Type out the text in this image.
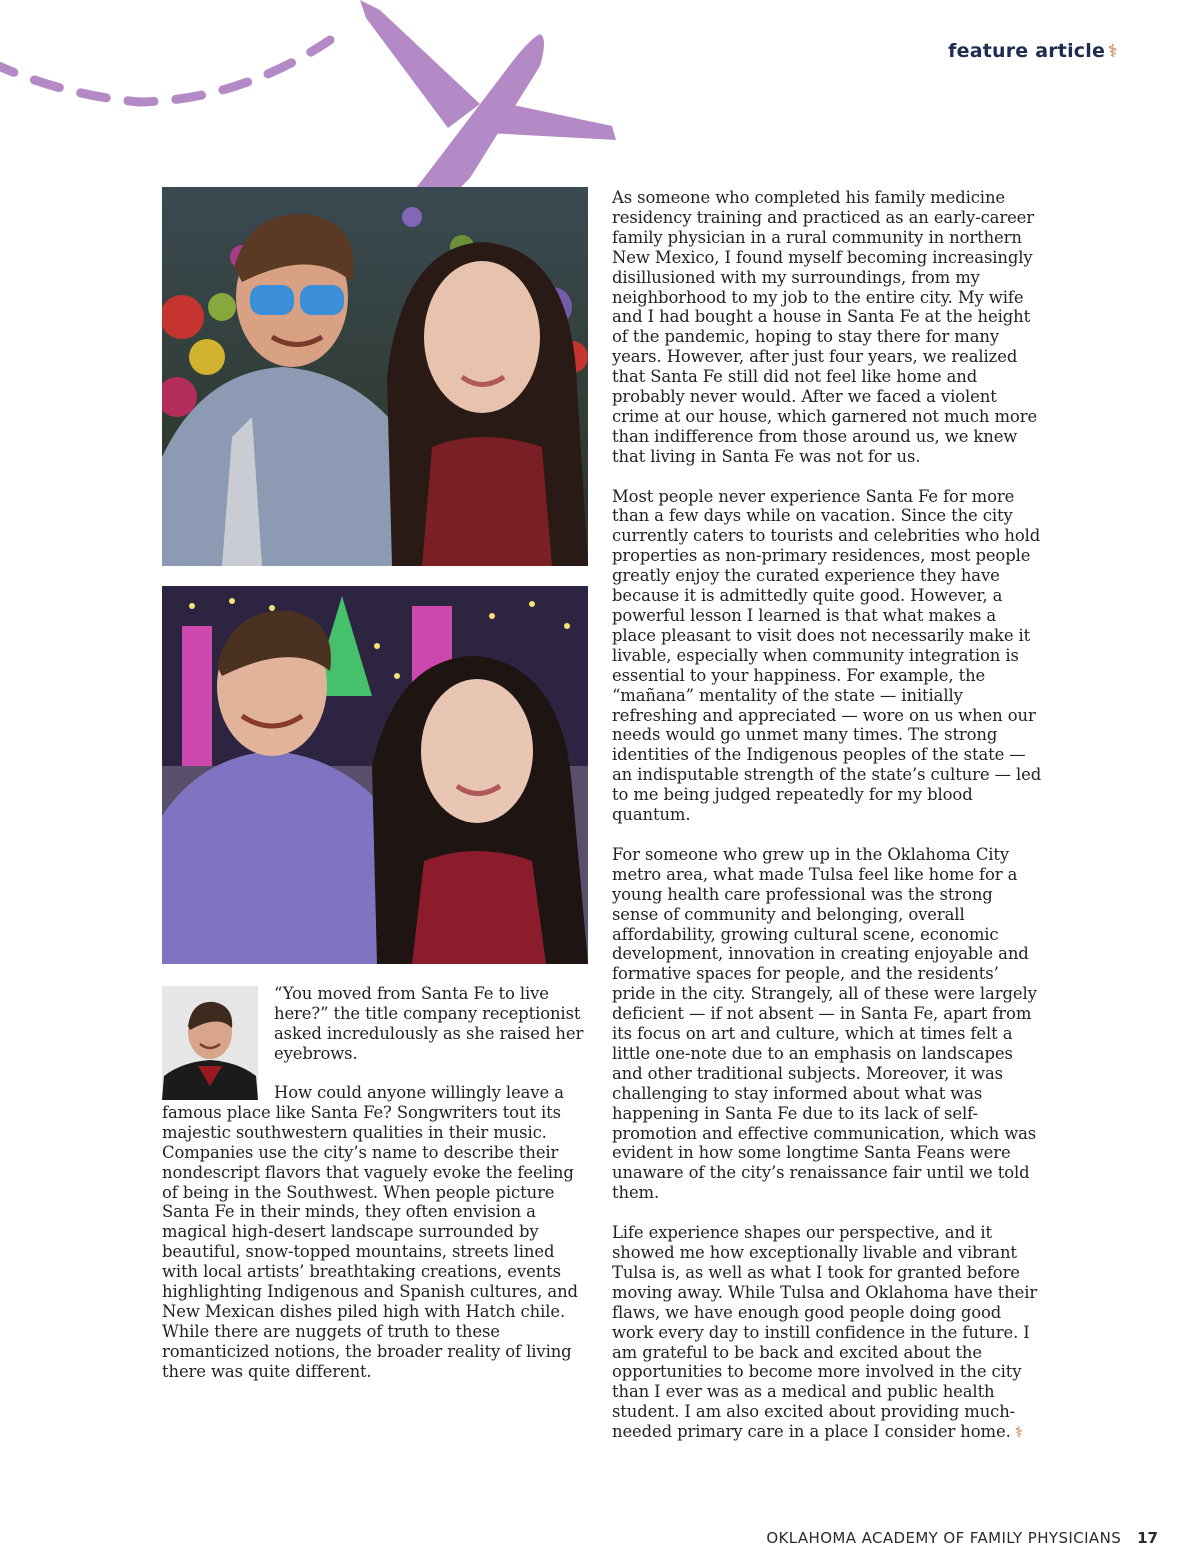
feature article ⚕

“You moved from Santa Fe to live here?” the title company receptionist asked incredulously as she raised her eyebrows.

How could anyone willingly leave a famous place like Santa Fe? Songwriters tout its majestic southwestern qualities in their music. Companies use the city’s name to describe their nondescript flavors that vaguely evoke the feeling of being in the Southwest. When people picture Santa Fe in their minds, they often envision a magical high-desert landscape surrounded by beautiful, snow-topped mountains, streets lined with local artists’ breathtaking creations, events highlighting Indigenous and Spanish cultures, and New Mexican dishes piled high with Hatch chile. While there are nuggets of truth to these romanticized notions, the broader reality of living there was quite different.

As someone who completed his family medicine residency training and practiced as an early-career family physician in a rural community in northern New Mexico, I found myself becoming increasingly disillusioned with my surroundings, from my neighborhood to my job to the entire city. My wife and I had bought a house in Santa Fe at the height of the pandemic, hoping to stay there for many years. However, after just four years, we realized that Santa Fe still did not feel like home and probably never would. After we faced a violent crime at our house, which garnered not much more than indifference from those around us, we knew that living in Santa Fe was not for us.

Most people never experience Santa Fe for more than a few days while on vacation. Since the city currently caters to tourists and celebrities who hold properties as non-primary residences, most people greatly enjoy the curated experience they have because it is admittedly quite good. However, a powerful lesson I learned is that what makes a place pleasant to visit does not necessarily make it livable, especially when community integration is essential to your happiness. For example, the “mañana” mentality of the state — initially refreshing and appreciated — wore on us when our needs would go unmet many times. The strong identities of the Indigenous peoples of the state — an indisputable strength of the state’s culture — led to me being judged repeatedly for my blood quantum.

For someone who grew up in the Oklahoma City metro area, what made Tulsa feel like home for a young health care professional was the strong sense of community and belonging, overall affordability, growing cultural scene, economic development, innovation in creating enjoyable and formative spaces for people, and the residents’ pride in the city. Strangely, all of these were largely deficient — if not absent — in Santa Fe, apart from its focus on art and culture, which at times felt a little one-note due to an emphasis on landscapes and other traditional subjects. Moreover, it was challenging to stay informed about what was happening in Santa Fe due to its lack of self-promotion and effective communication, which was evident in how some longtime Santa Feans were unaware of the city’s renaissance fair until we told them.

Life experience shapes our perspective, and it showed me how exceptionally livable and vibrant Tulsa is, as well as what I took for granted before moving away. While Tulsa and Oklahoma have their flaws, we have enough good people doing good work every day to instill confidence in the future. I am grateful to be back and excited about the opportunities to become more involved in the city than I ever was as a medical and public health student. I am also excited about providing much-needed primary care in a place I consider home. ⚕

OKLAHOMA ACADEMY OF FAMILY PHYSICIANS 17
